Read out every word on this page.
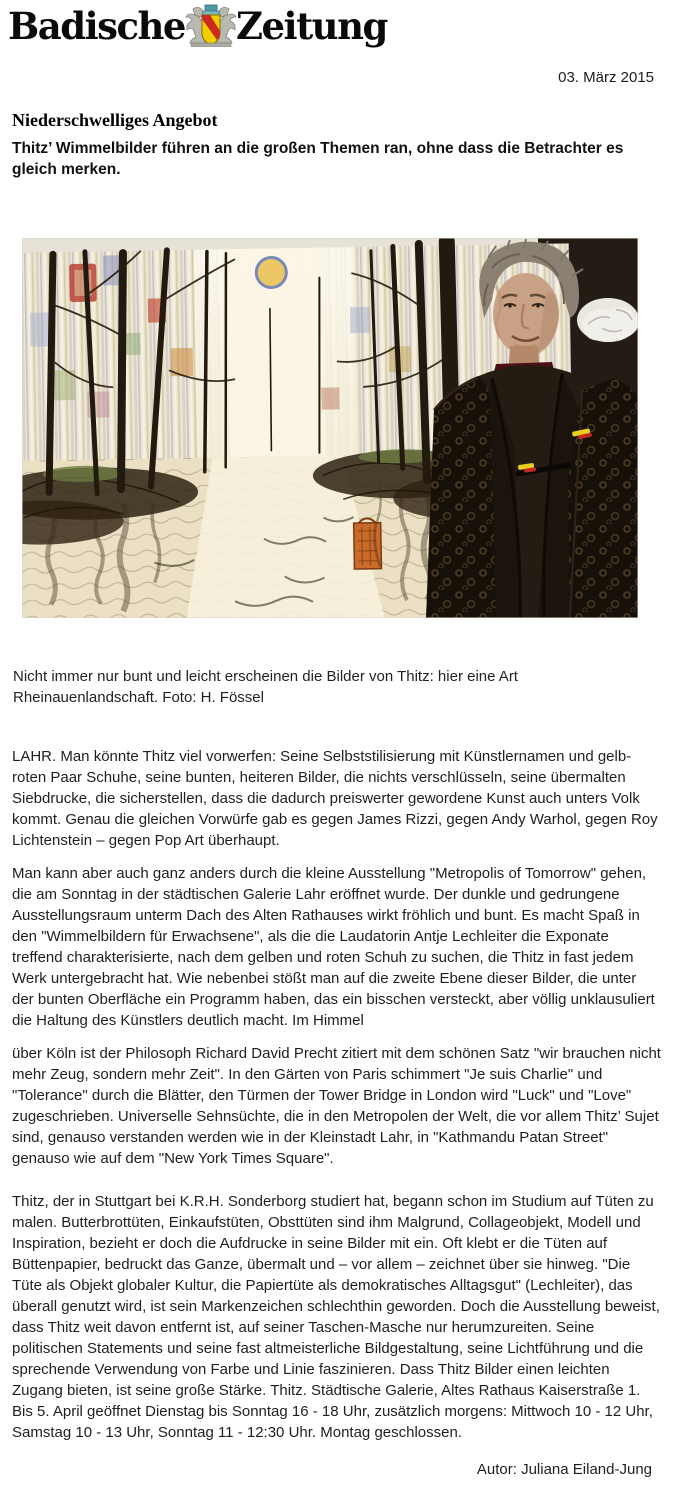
Badische Zeitung
03. März 2015
Niederschwelliges Angebot
Thitz’ Wimmelbilder führen an die großen Themen ran, ohne dass die Betrachter es gleich merken.
Nicht immer nur bunt und leicht erscheinen die Bilder von Thitz: hier eine Art Rheinauenlandschaft. Foto: H. Fössel

LAHR. Man könnte Thitz viel vorwerfen: Seine Selbststilisierung mit Künstlernamen und gelb-roten Paar Schuhe, seine bunten, heiteren Bilder, die nichts verschlüsseln, seine übermalten Siebdrucke, die sicherstellen, dass die dadurch preiswerter gewordene Kunst auch unters Volk kommt. Genau die gleichen Vorwürfe gab es gegen James Rizzi, gegen Andy Warhol, gegen Roy Lichtenstein – gegen Pop Art überhaupt.

Man kann aber auch ganz anders durch die kleine Ausstellung "Metropolis of Tomorrow" gehen, die am Sonntag in der städtischen Galerie Lahr eröffnet wurde. Der dunkle und gedrungene Ausstellungsraum unterm Dach des Alten Rathauses wirkt fröhlich und bunt. Es macht Spaß in den "Wimmelbildern für Erwachsene", als die die Laudatorin Antje Lechleiter die Exponate treffend charakterisierte, nach dem gelben und roten Schuh zu suchen, die Thitz in fast jedem Werk untergebracht hat. Wie nebenbei stößt man auf die zweite Ebene dieser Bilder, die unter der bunten Oberfläche ein Programm haben, das ein bisschen versteckt, aber völlig unklausuliert die Haltung des Künstlers deutlich macht. Im Himmel

über Köln ist der Philosoph Richard David Precht zitiert mit dem schönen Satz "wir brauchen nicht mehr Zeug, sondern mehr Zeit". In den Gärten von Paris schimmert "Je suis Charlie" und "Tolerance" durch die Blätter, den Türmen der Tower Bridge in London wird "Luck" und "Love" zugeschrieben. Universelle Sehnsüchte, die in den Metropolen der Welt, die vor allem Thitz’ Sujet sind, genauso verstanden werden wie in der Kleinstadt Lahr, in "Kathmandu Patan Street" genauso wie auf dem "New York Times Square".

Thitz, der in Stuttgart bei K.R.H. Sonderborg studiert hat, begann schon im Studium auf Tüten zu malen. Butterbrottüten, Einkaufstüten, Obsttüten sind ihm Malgrund, Collageobjekt, Modell und Inspiration, bezieht er doch die Aufdrucke in seine Bilder mit ein. Oft klebt er die Tüten auf Büttenpapier, bedruckt das Ganze, übermalt und – vor allem – zeichnet über sie hinweg. "Die Tüte als Objekt globaler Kultur, die Papiertüte als demokratisches Alltagsgut" (Lechleiter), das überall genutzt wird, ist sein Markenzeichen schlechthin geworden. Doch die Ausstellung beweist, dass Thitz weit davon entfernt ist, auf seiner Taschen-Masche nur herumzureiten. Seine politischen Statements und seine fast altmeisterliche Bildgestaltung, seine Lichtführung und die sprechende Verwendung von Farbe und Linie faszinieren. Dass Thitz Bilder einen leichten Zugang bieten, ist seine große Stärke. Thitz. Städtische Galerie, Altes Rathaus Kaiserstraße 1. Bis 5. April geöffnet Dienstag bis Sonntag 16 - 18 Uhr, zusätzlich morgens: Mittwoch 10 - 12 Uhr, Samstag 10 - 13 Uhr, Sonntag 11 - 12:30 Uhr. Montag geschlossen.

Autor: Juliana Eiland-Jung
